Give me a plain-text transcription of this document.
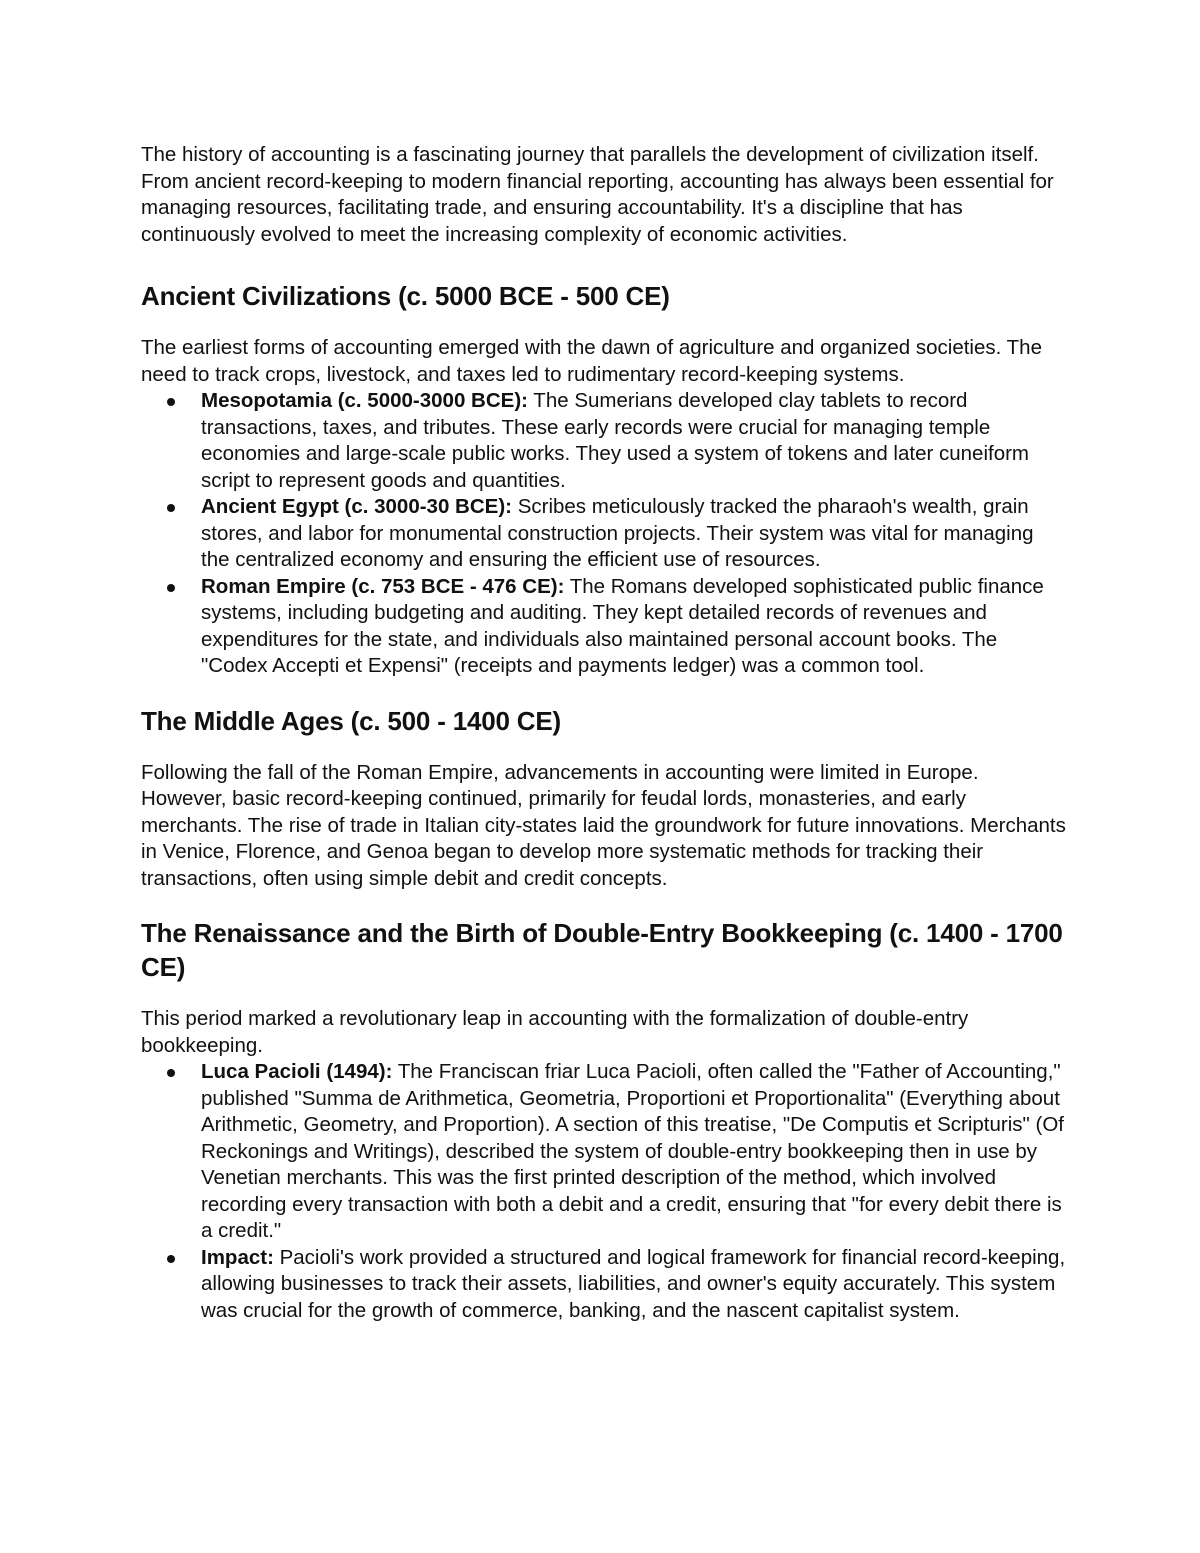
The history of accounting is a fascinating journey that parallels the development of civilization itself. From ancient record-keeping to modern financial reporting, accounting has always been essential for managing resources, facilitating trade, and ensuring accountability. It's a discipline that has continuously evolved to meet the increasing complexity of economic activities.

Ancient Civilizations (c. 5000 BCE - 500 CE)

The earliest forms of accounting emerged with the dawn of agriculture and organized societies. The need to track crops, livestock, and taxes led to rudimentary record-keeping systems.

Mesopotamia (c. 5000-3000 BCE): The Sumerians developed clay tablets to record transactions, taxes, and tributes. These early records were crucial for managing temple economies and large-scale public works. They used a system of tokens and later cuneiform script to represent goods and quantities.
Ancient Egypt (c. 3000-30 BCE): Scribes meticulously tracked the pharaoh's wealth, grain stores, and labor for monumental construction projects. Their system was vital for managing the centralized economy and ensuring the efficient use of resources.
Roman Empire (c. 753 BCE - 476 CE): The Romans developed sophisticated public finance systems, including budgeting and auditing. They kept detailed records of revenues and expenditures for the state, and individuals also maintained personal account books. The "Codex Accepti et Expensi" (receipts and payments ledger) was a common tool.
The Middle Ages (c. 500 - 1400 CE)

Following the fall of the Roman Empire, advancements in accounting were limited in Europe. However, basic record-keeping continued, primarily for feudal lords, monasteries, and early merchants. The rise of trade in Italian city-states laid the groundwork for future innovations. Merchants in Venice, Florence, and Genoa began to develop more systematic methods for tracking their transactions, often using simple debit and credit concepts.

The Renaissance and the Birth of Double-Entry Bookkeeping (c. 1400 - 1700 CE)

This period marked a revolutionary leap in accounting with the formalization of double-entry bookkeeping.

Luca Pacioli (1494): The Franciscan friar Luca Pacioli, often called the "Father of Accounting," published "Summa de Arithmetica, Geometria, Proportioni et Proportionalita" (Everything about Arithmetic, Geometry, and Proportion). A section of this treatise, "De Computis et Scripturis" (Of Reckonings and Writings), described the system of double-entry bookkeeping then in use by Venetian merchants. This was the first printed description of the method, which involved recording every transaction with both a debit and a credit, ensuring that "for every debit there is a credit."
Impact: Pacioli's work provided a structured and logical framework for financial record-keeping, allowing businesses to track their assets, liabilities, and owner's equity accurately. This system was crucial for the growth of commerce, banking, and the nascent capitalist system.
